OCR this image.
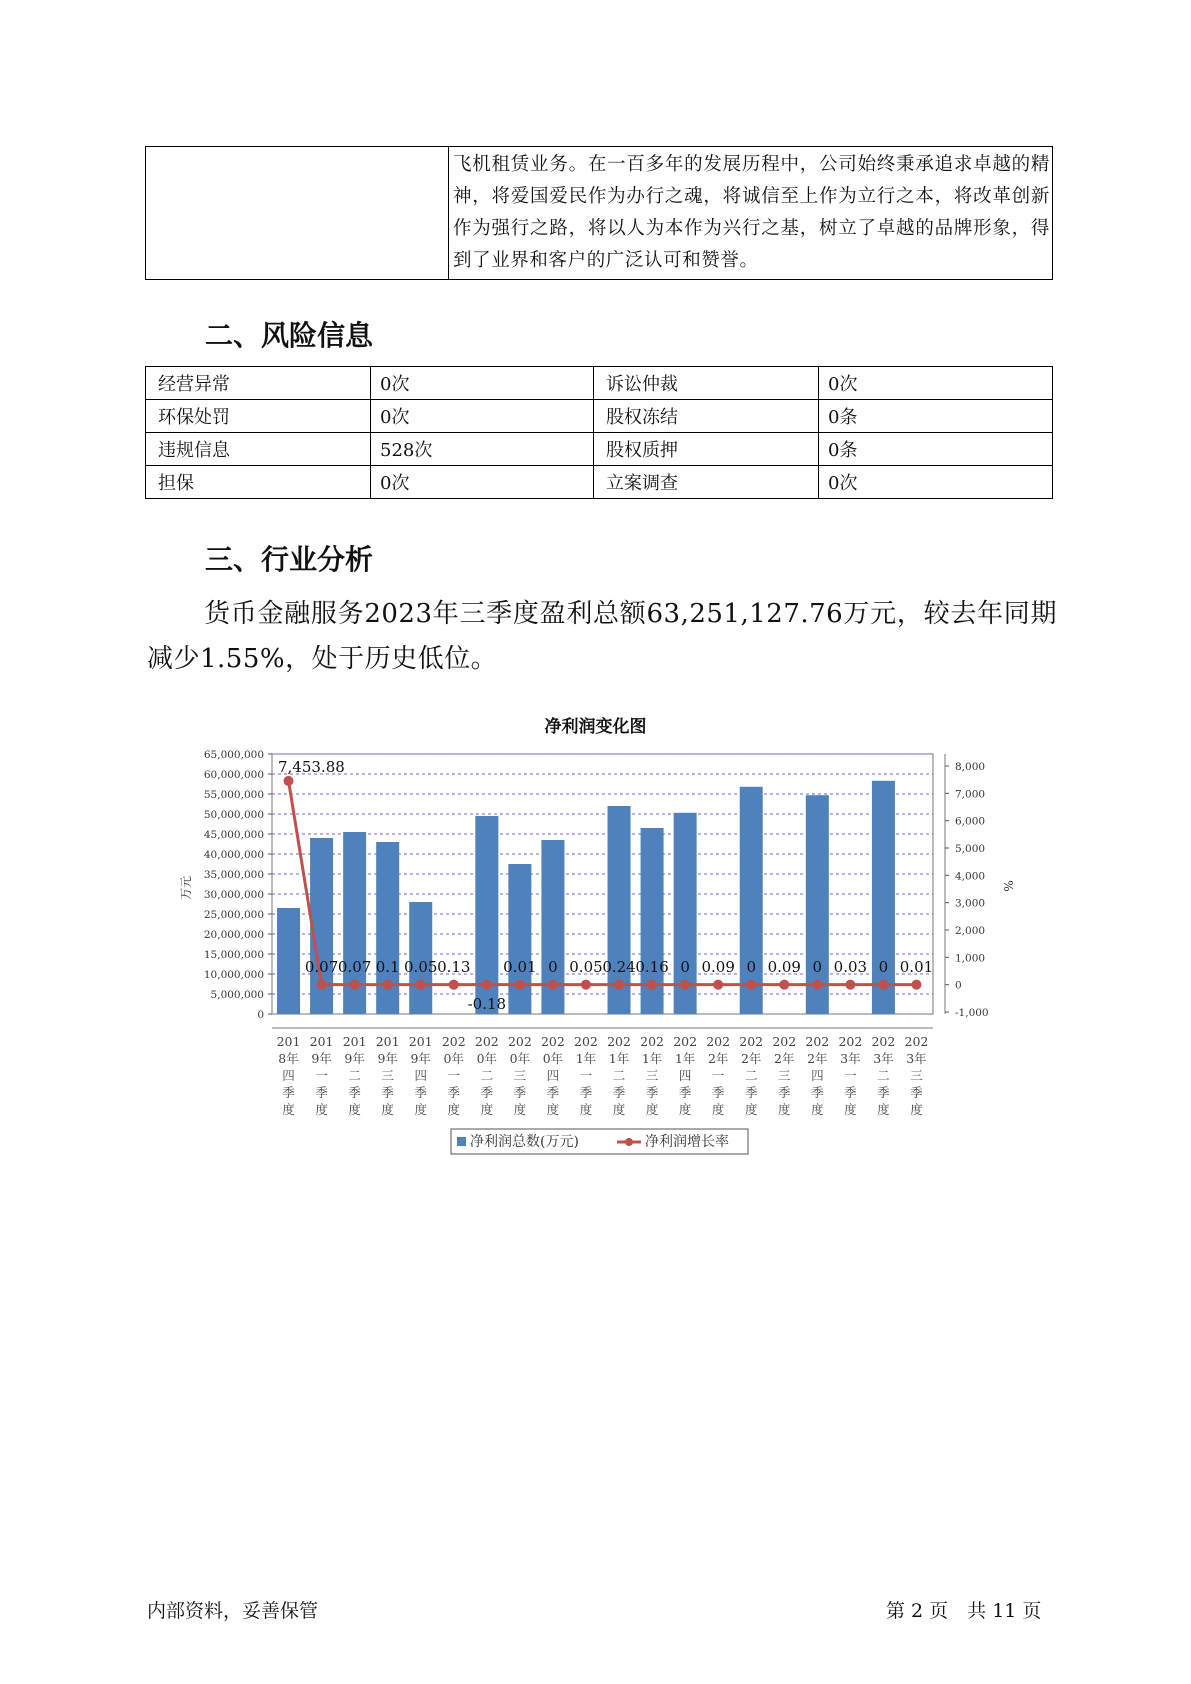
	飞机租赁业务。在一百多年的发展历程中，公司始终秉承追求卓越的精神，将爱国爱民作为办行之魂，将诚信至上作为立行之本，将改革创新作为强行之路，将以人为本作为兴行之基，树立了卓越的品牌形象，得到了业界和客户的广泛认可和赞誉。
二、风险信息
经营异常	0次	诉讼仲裁	0次
环保处罚	0次	股权冻结	0条
违规信息	528次	股权质押	0条
担保	0次	立案调查	0次
三、行业分析
货币金融服务2023年三季度盈利总额63,251,127.76万元，较去年同期减少1.55%，处于历史低位。
净利润变化图
65,000,000
60,000,000
55,000,000
50,000,000
45,000,000
40,000,000
35,000,000
30,000,000
25,000,000
20,000,000
15,000,000
10,000,000
5,000,000
0
8,000
7,000
6,000
5,000
4,000
3,000
2,000
1,000
0
-1,000
万元	%
7,453.88
0.07 0.07 0.1 0.05 0.13
-0.18
0.01 0 0.05 0.24 0.16 0 0.09 0 0.09 0 0.03 0 0.01
201
8年
四
季
度
201
9年
一
季
度
201
9年
二
季
度
201
9年
三
季
度
201
9年
四
季
度
202
0年
一
季
度
202
0年
二
季
度
202
0年
三
季
度
202
0年
四
季
度
202
1年
一
季
度
202
1年
二
季
度
202
1年
三
季
度
202
1年
四
季
度
202
2年
一
季
度
202
2年
二
季
度
202
2年
三
季
度
202
2年
四
季
度
202
3年
一
季
度
202
3年
二
季
度
202
3年
三
季
度
净利润总数(万元)	净利润增长率
内部资料，妥善保管	第 2 页　共 11 页
